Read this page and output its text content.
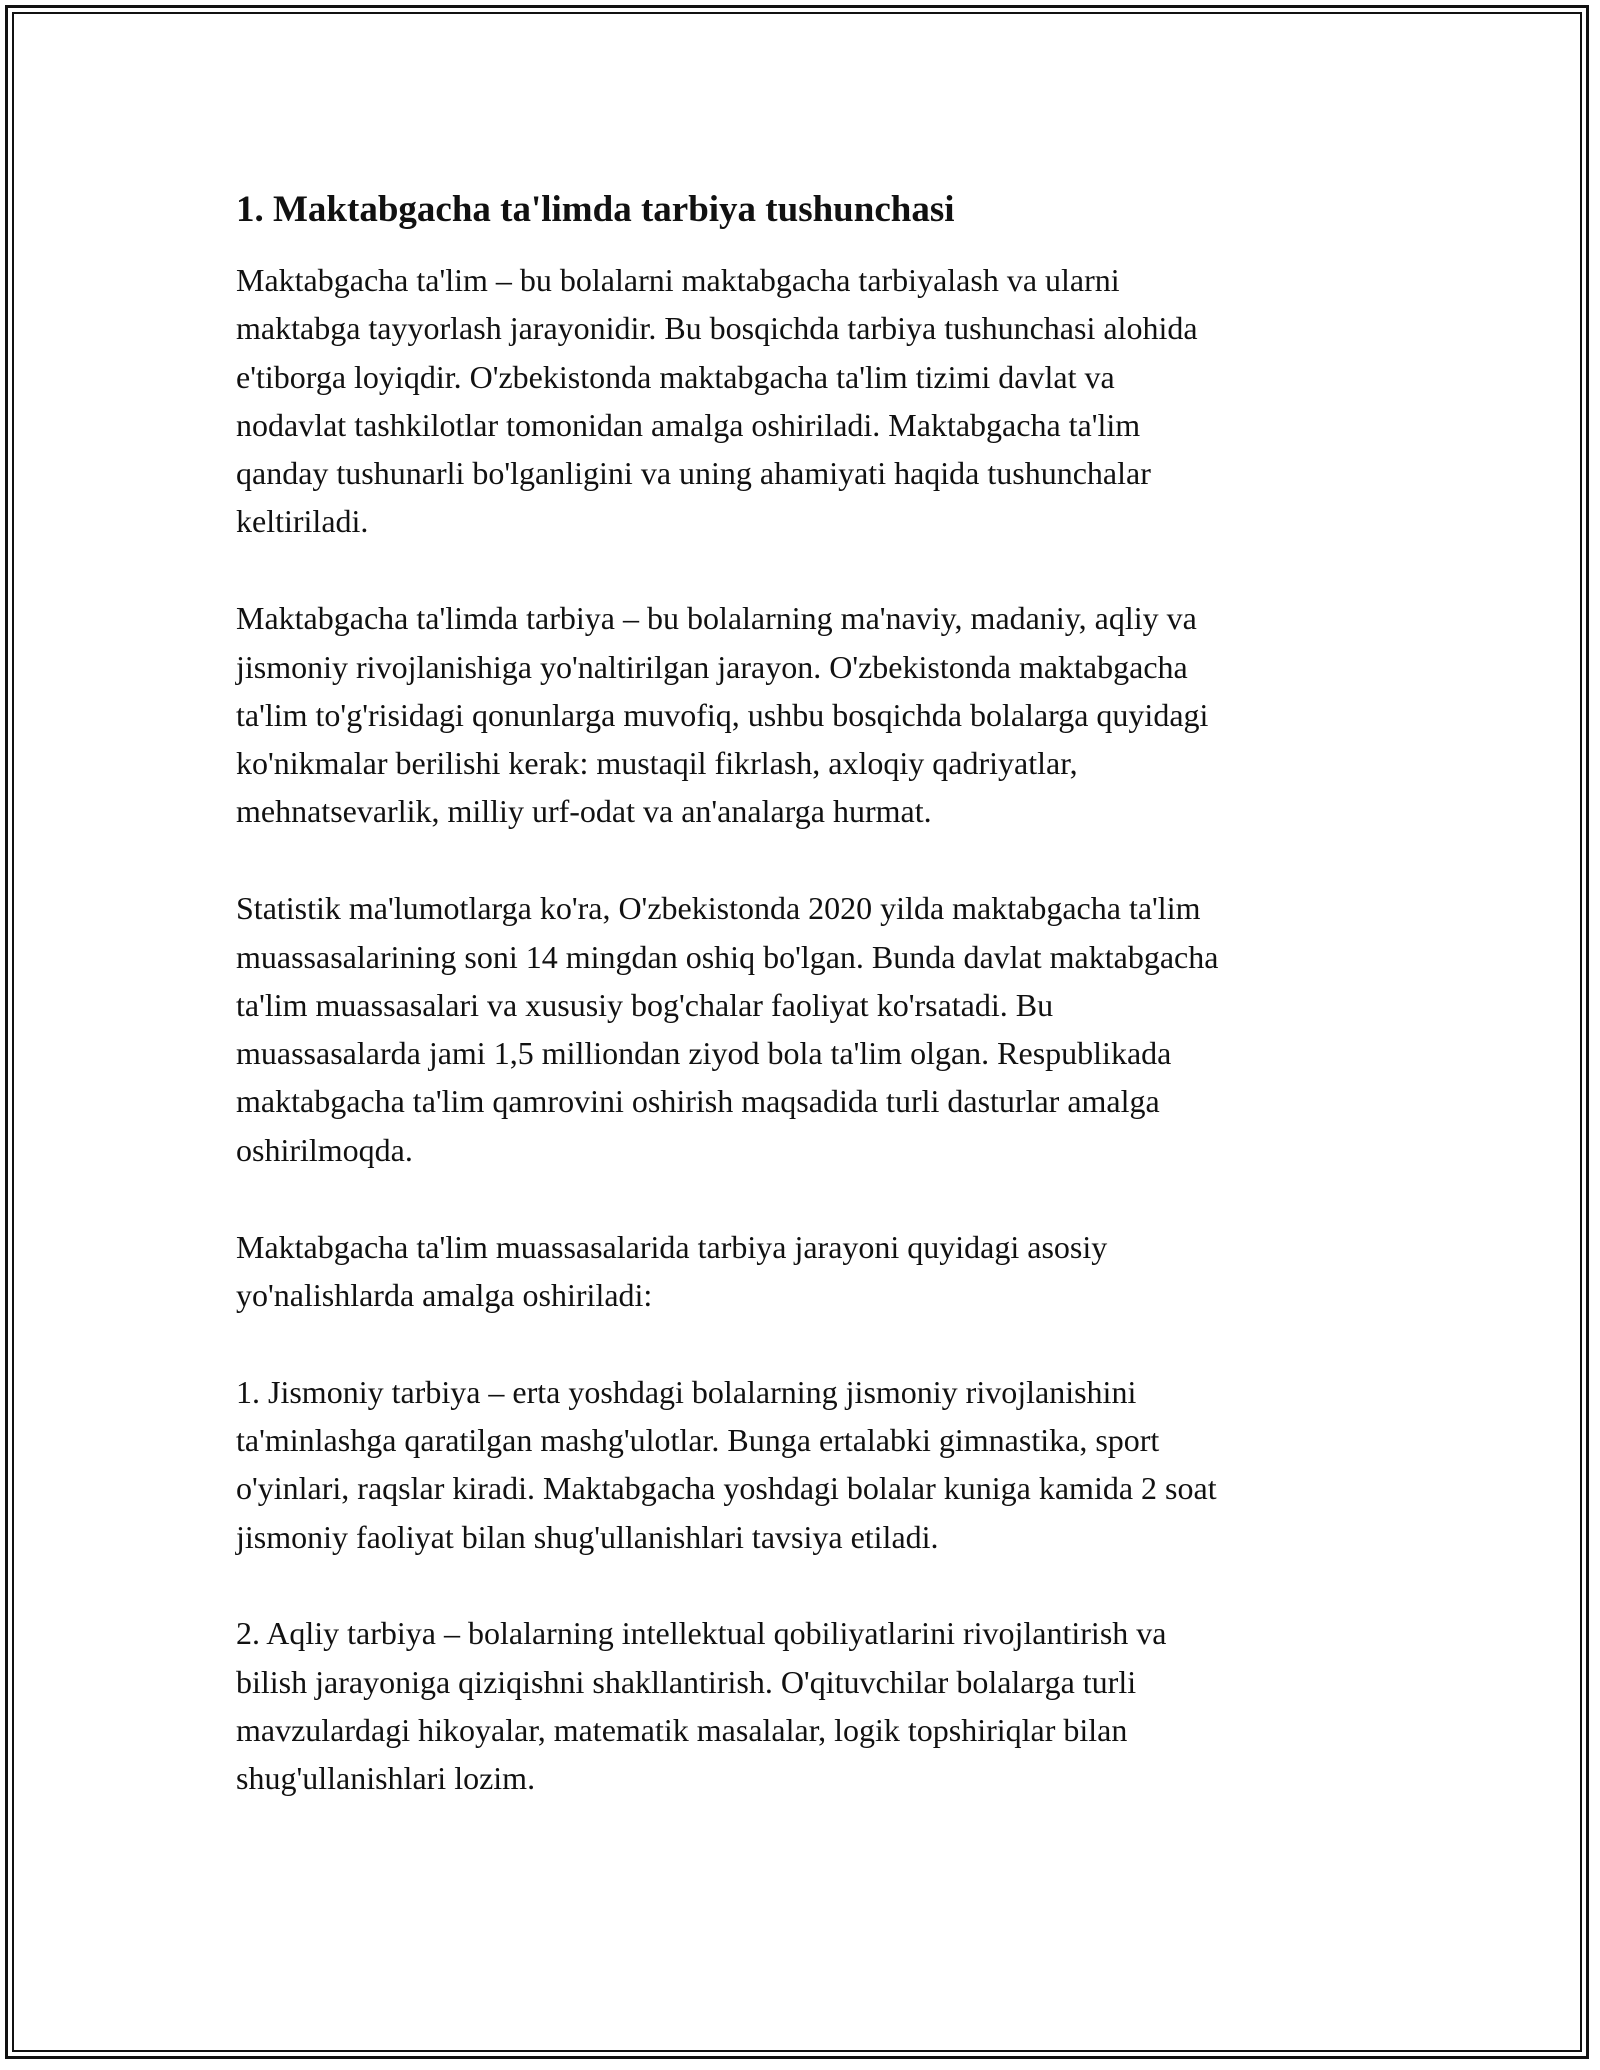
1. Maktabgacha ta'limda tarbiya tushunchasi

Maktabgacha ta'lim – bu bolalarni maktabgacha tarbiyalash va ularni
maktabga tayyorlash jarayonidir. Bu bosqichda tarbiya tushunchasi alohida
e'tiborga loyiqdir. O'zbekistonda maktabgacha ta'lim tizimi davlat va
nodavlat tashkilotlar tomonidan amalga oshiriladi. Maktabgacha ta'lim
qanday tushunarli bo'lganligini va uning ahamiyati haqida tushunchalar
keltiriladi.

Maktabgacha ta'limda tarbiya – bu bolalarning ma'naviy, madaniy, aqliy va
jismoniy rivojlanishiga yo'naltirilgan jarayon. O'zbekistonda maktabgacha
ta'lim to'g'risidagi qonunlarga muvofiq, ushbu bosqichda bolalarga quyidagi
ko'nikmalar berilishi kerak: mustaqil fikrlash, axloqiy qadriyatlar,
mehnatsevarlik, milliy urf-odat va an'analarga hurmat.

Statistik ma'lumotlarga ko'ra, O'zbekistonda 2020 yilda maktabgacha ta'lim
muassasalarining soni 14 mingdan oshiq bo'lgan. Bunda davlat maktabgacha
ta'lim muassasalari va xususiy bog'chalar faoliyat ko'rsatadi. Bu
muassasalarda jami 1,5 milliondan ziyod bola ta'lim olgan. Respublikada
maktabgacha ta'lim qamrovini oshirish maqsadida turli dasturlar amalga
oshirilmoqda.

Maktabgacha ta'lim muassasalarida tarbiya jarayoni quyidagi asosiy
yo'nalishlarda amalga oshiriladi:

1. Jismoniy tarbiya – erta yoshdagi bolalarning jismoniy rivojlanishini
ta'minlashga qaratilgan mashg'ulotlar. Bunga ertalabki gimnastika, sport
o'yinlari, raqslar kiradi. Maktabgacha yoshdagi bolalar kuniga kamida 2 soat
jismoniy faoliyat bilan shug'ullanishlari tavsiya etiladi.

2. Aqliy tarbiya – bolalarning intellektual qobiliyatlarini rivojlantirish va
bilish jarayoniga qiziqishni shakllantirish. O'qituvchilar bolalarga turli
mavzulardagi hikoyalar, matematik masalalar, logik topshiriqlar bilan
shug'ullanishlari lozim.
